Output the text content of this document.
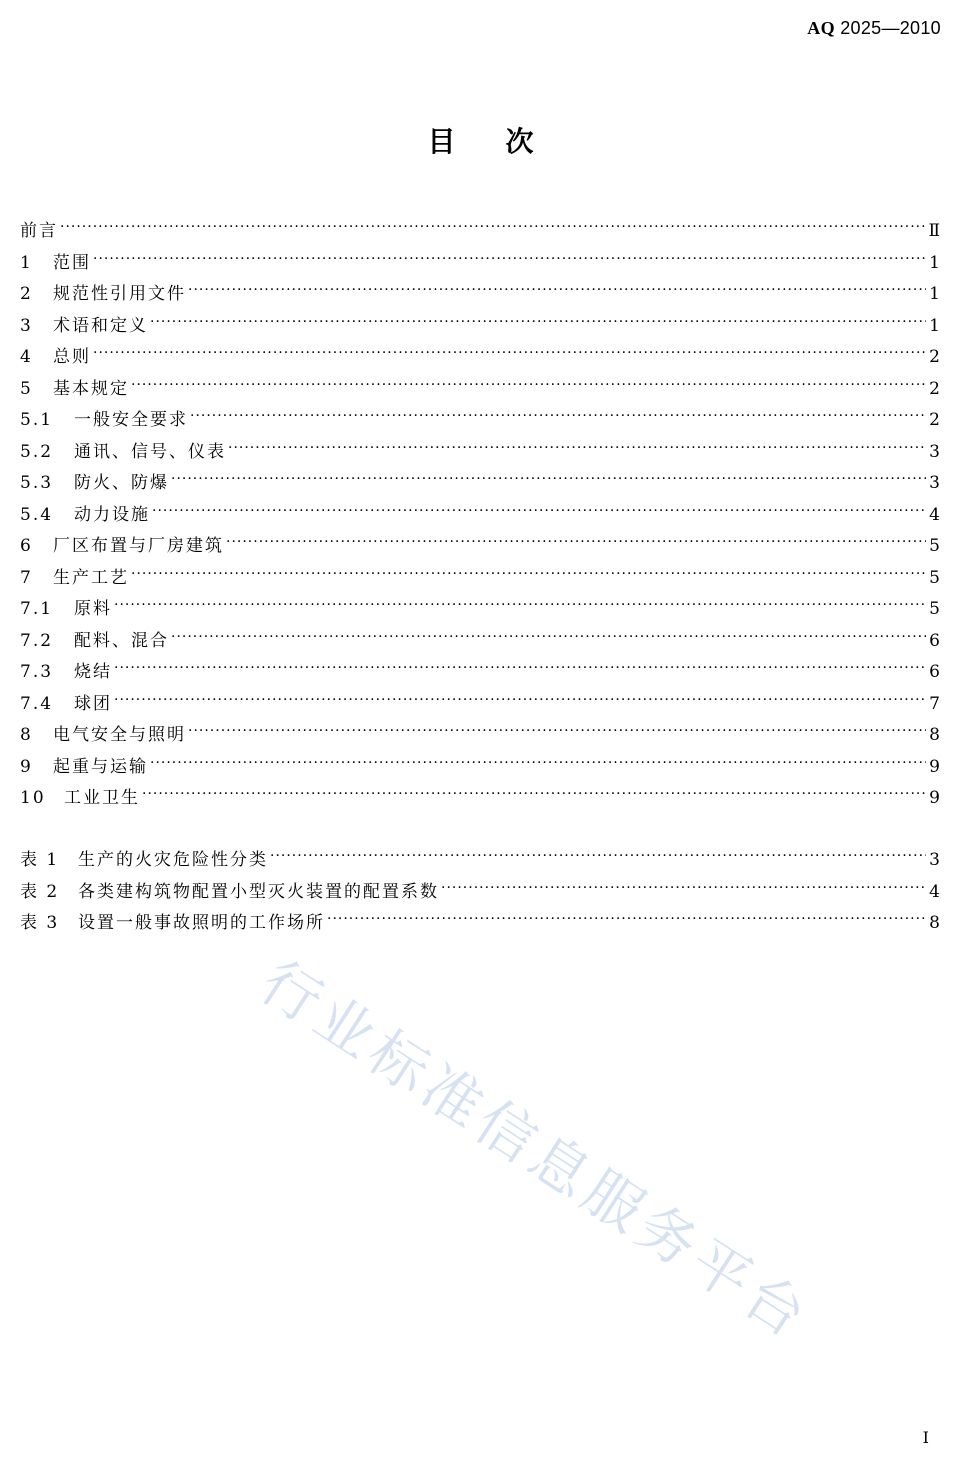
AQ 2025—2010
目次
前言 ·····	Ⅱ
1	范围 ·····	1
2	规范性引用文件 ·····	1
3	术语和定义 ·····	1
4	总则 ·····	2
5	基本规定 ·····	2
5.1	一般安全要求 ·····	2
5.2	通讯、信号、仪表 ·····	3
5.3	防火、防爆 ·····	3
5.4	动力设施 ·····	4
6	厂区布置与厂房建筑 ·····	5
7	生产工艺 ·····	5
7.1	原料 ·····	5
7.2	配料、混合 ·····	6
7.3	烧结 ·····	6
7.4	球团 ·····	7
8	电气安全与照明 ·····	8
9	起重与运输 ·····	9
10	工业卫生 ·····	9
表 1	生产的火灾危险性分类 ·····	3
表 2	各类建构筑物配置小型灭火装置的配置系数 ·····	4
表 3	设置一般事故照明的工作场所 ·····	8
行业标准信息服务平台
I
